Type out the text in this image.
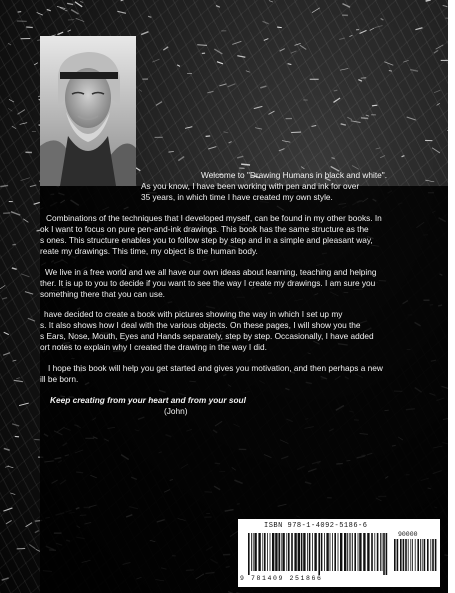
Welcome to "Drawing Humans in black and white".

As you know, I have been working with pen and ink for over

35 years, in which time I have created my own style.

Combinations of the techniques that I developed myself, can be found in my other books. In

ok I want to focus on pure pen-and-ink drawings. This book has the same structure as the

s ones. This structure enables you to follow step by step and in a simple and pleasant way,

reate my drawings. This time, my object is the human body.

We live in a free world and we all have our own ideas about learning, teaching and helping

ther. It is up to you to decide if you want to see the way I create my drawings. I am sure you

something there that you can use.

have decided to create a book with pictures showing the way in which I set up my

s. It also shows how I deal with the various objects. On these pages, I will show you the

s Ears, Nose, Mouth, Eyes and Hands separately, step by step. Occasionally, I have added

ort notes to explain why I created the drawing in the way I did.

I hope this book will help you get started and gives you motivation, and then perhaps a new

ill be born.

Keep creating from your heart and from your soul

(John)

ISBN 978-1-4092-5186-6
90000
9 781409 251866
